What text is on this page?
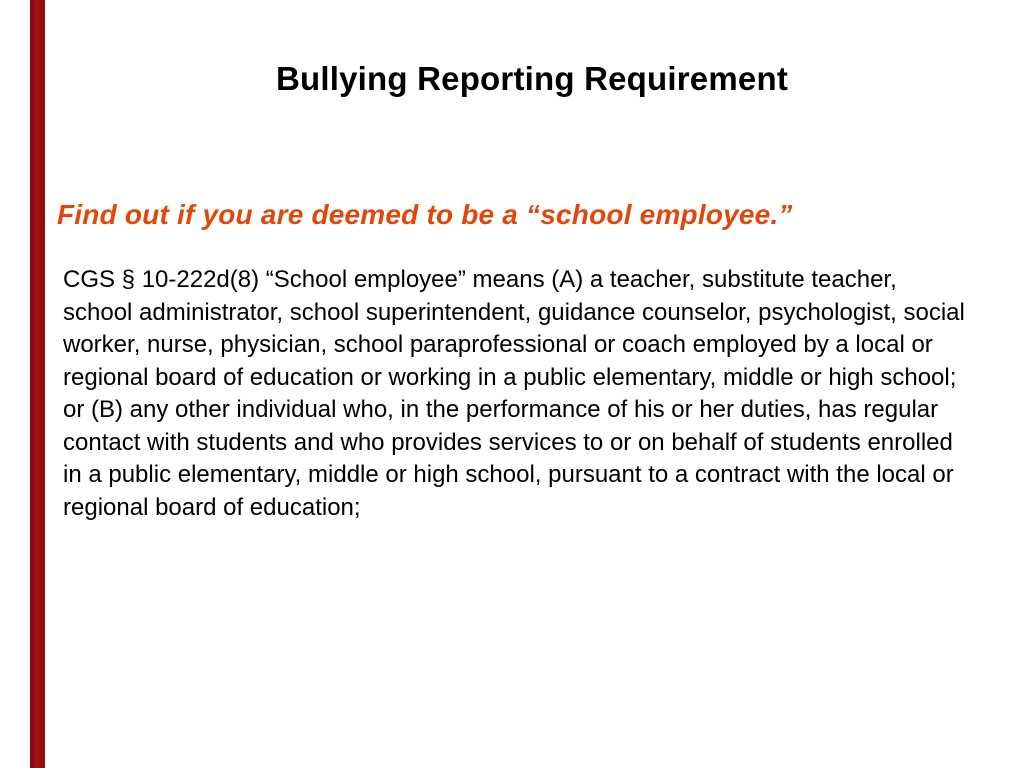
Bullying Reporting Requirement
Find out if you are deemed to be a “school employee.”

CGS § 10-222d(8) “School employee” means (A) a teacher, substitute teacher, school administrator, school superintendent, guidance counselor, psychologist, social worker, nurse, physician, school paraprofessional or coach employed by a local or regional board of education or working in a public elementary, middle or high school; or (B) any other individual who, in the performance of his or her duties, has regular contact with students and who provides services to or on behalf of students enrolled in a public elementary, middle or high school, pursuant to a contract with the local or regional board of education;
